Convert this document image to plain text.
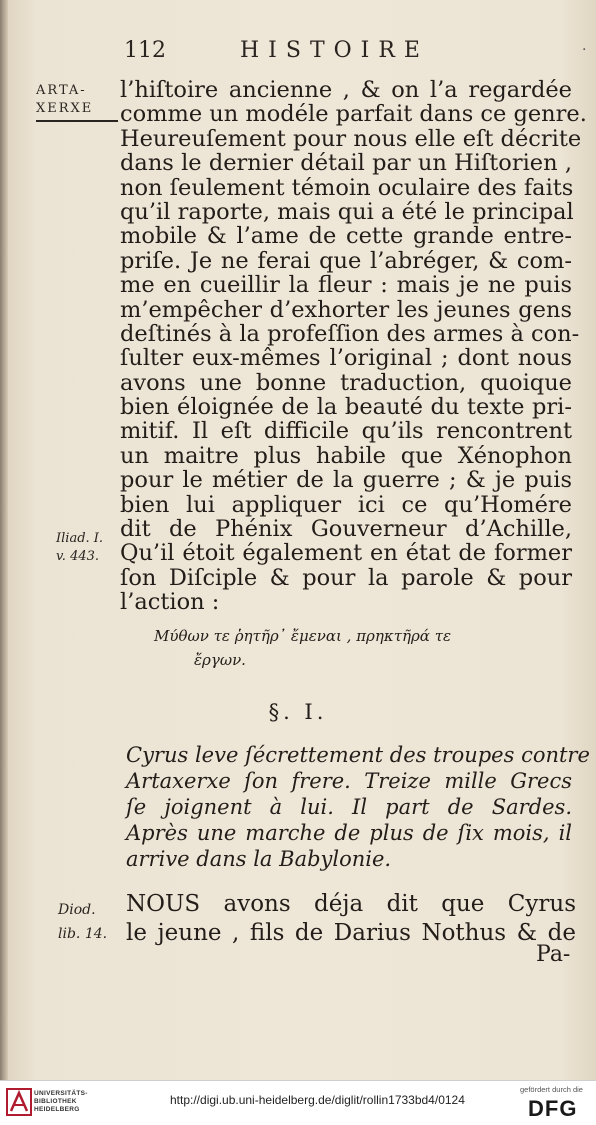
112	HISTOIRE	·
ARTA-
XERXE
l’hiſtoire ancienne , & on l’a regardée
comme un modéle parfait dans ce genre.
Heureuſement pour nous elle eſt décrite
dans le dernier détail par un Hiſtorien ,
non ſeulement témoin oculaire des faits
qu’il raporte, mais qui a été le principal
mobile & l’ame de cette grande entre-
priſe. Je ne ferai que l’abréger, & com-
me en cueillir la fleur : mais je ne puis
m’empêcher d’exhorter les jeunes gens
deſtinés à la profeſſion des armes à con-
ſulter eux-mêmes l’original ; dont nous
avons une bonne traduction, quoique
bien éloignée de la beauté du texte pri-
mitif. Il eſt difficile qu’ils rencontrent
un maitre plus habile que Xénophon
pour le métier de la guerre ; & je puis
bien lui appliquer ici ce qu’Homére
dit de Phénix Gouverneur d’Achille,
Qu’il étoit également en état de former
ſon Diſciple & pour la parole & pour
l’action :
Iliad. I.
v. 443.
Μύθων τε ῥητῆρ᾽ ἔμεναι , πρηκτῆρά τε
ἔργων.
§. I.
Cyrus leve ſécrettement des troupes contre
Artaxerxe ſon frere. Treize mille Grecs
ſe joignent à lui. Il part de Sardes.
Après une marche de plus de ſix mois, il
arrive dans la Babylonie.
Diod.
lib. 14.
NOUS avons déja dit que Cyrus
le jeune , fils de Darius Nothus & de
Pa-
UNIVERSITÄTS-
BIBLIOTHEK
HEIDELBERG
http://digi.ub.uni-heidelberg.de/diglit/rollin1733bd4/0124
gefördert durch die
DFG
